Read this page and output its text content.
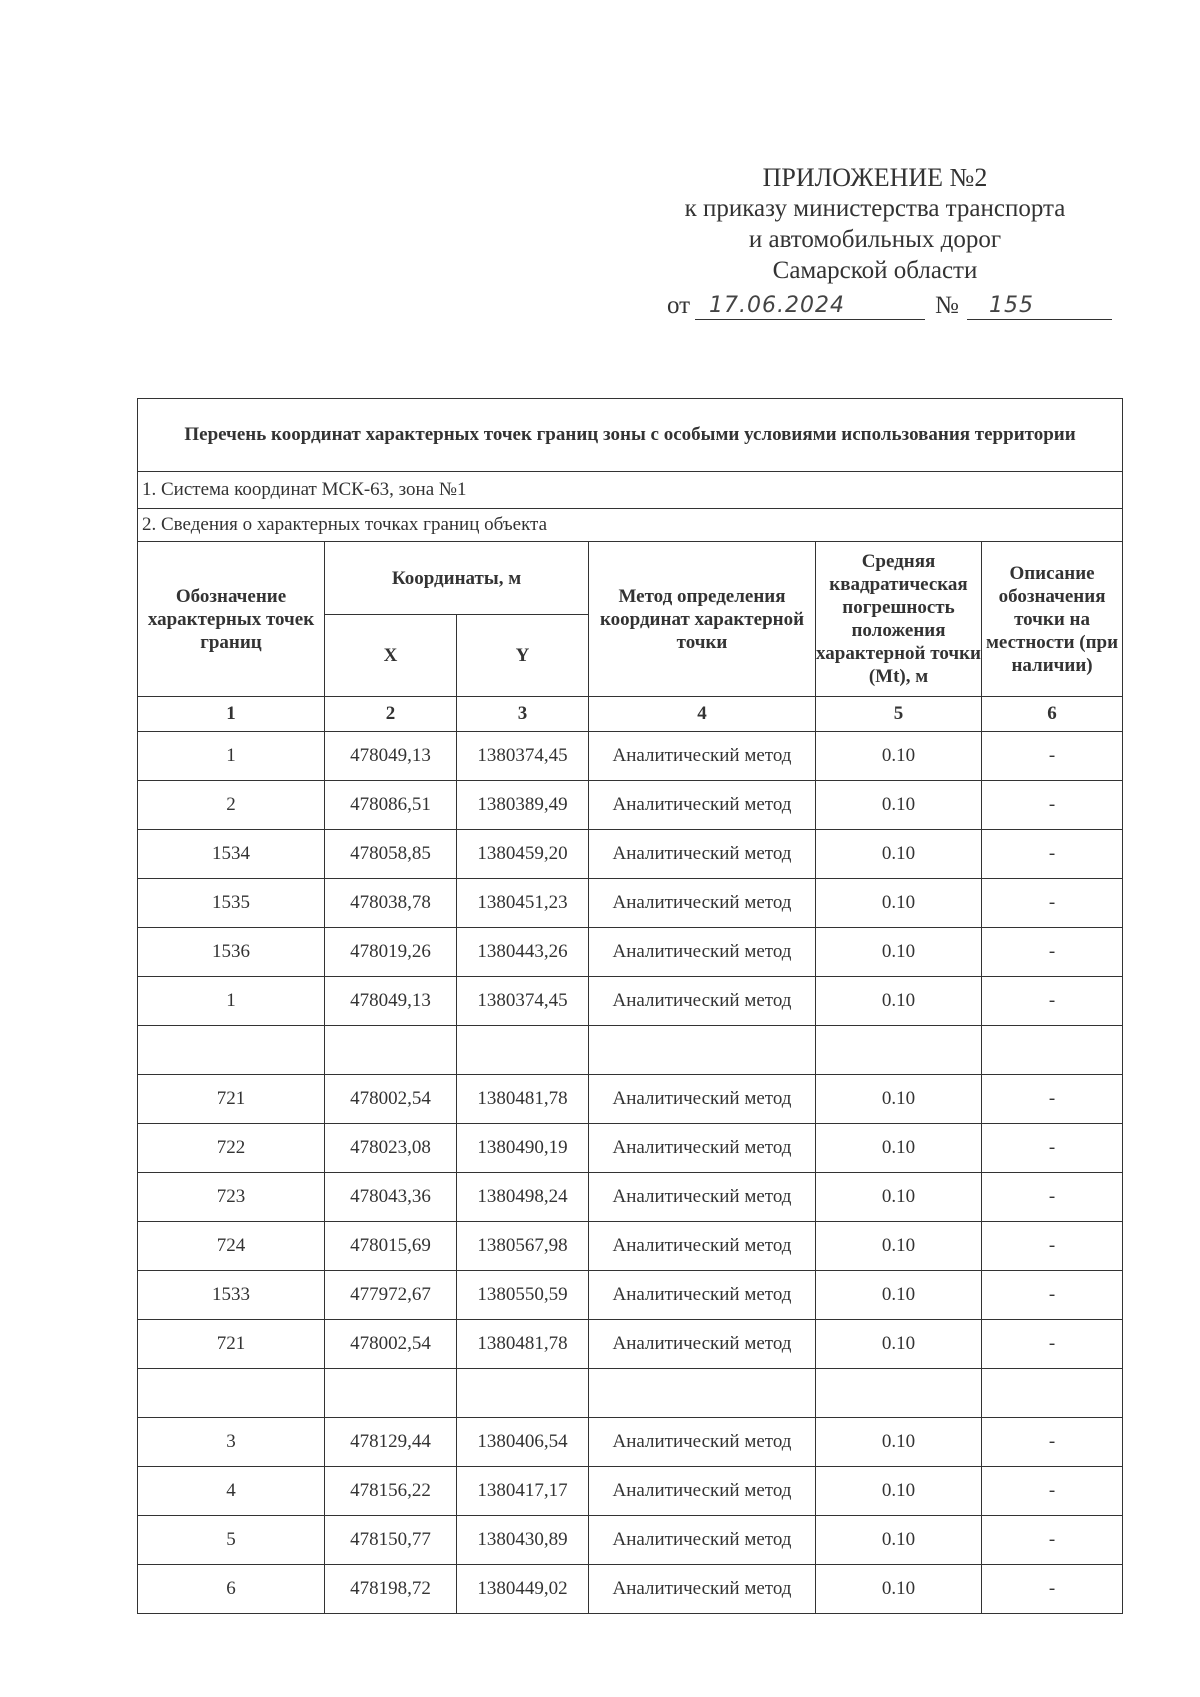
ПРИЛОЖЕНИЕ №2
к приказу министерства транспорта
и автомобильных дорог
Самарской области
от 17.06.2024	№ 155
Перечень координат характерных точек границ зоны с особыми условиями использования территории					
1. Система координат МСК-63, зона №1					
2. Сведения о характерных точках границ объекта					
Обозначение характерных точек границ	Координаты, м		Метод определения координат характерной точки	Средняя квадратическая погрешность положения характерной точки (Mt), м	Описание обозначения точки на местности (при наличии)
	X	Y			
1	2	3	4	5	6
1	478049,13	1380374,45	Аналитический метод	0.10	-
2	478086,51	1380389,49	Аналитический метод	0.10	-
1534	478058,85	1380459,20	Аналитический метод	0.10	-
1535	478038,78	1380451,23	Аналитический метод	0.10	-
1536	478019,26	1380443,26	Аналитический метод	0.10	-
1	478049,13	1380374,45	Аналитический метод	0.10	-

721	478002,54	1380481,78	Аналитический метод	0.10	-
722	478023,08	1380490,19	Аналитический метод	0.10	-
723	478043,36	1380498,24	Аналитический метод	0.10	-
724	478015,69	1380567,98	Аналитический метод	0.10	-
1533	477972,67	1380550,59	Аналитический метод	0.10	-
721	478002,54	1380481,78	Аналитический метод	0.10	-

3	478129,44	1380406,54	Аналитический метод	0.10	-
4	478156,22	1380417,17	Аналитический метод	0.10	-
5	478150,77	1380430,89	Аналитический метод	0.10	-
6	478198,72	1380449,02	Аналитический метод	0.10	-
